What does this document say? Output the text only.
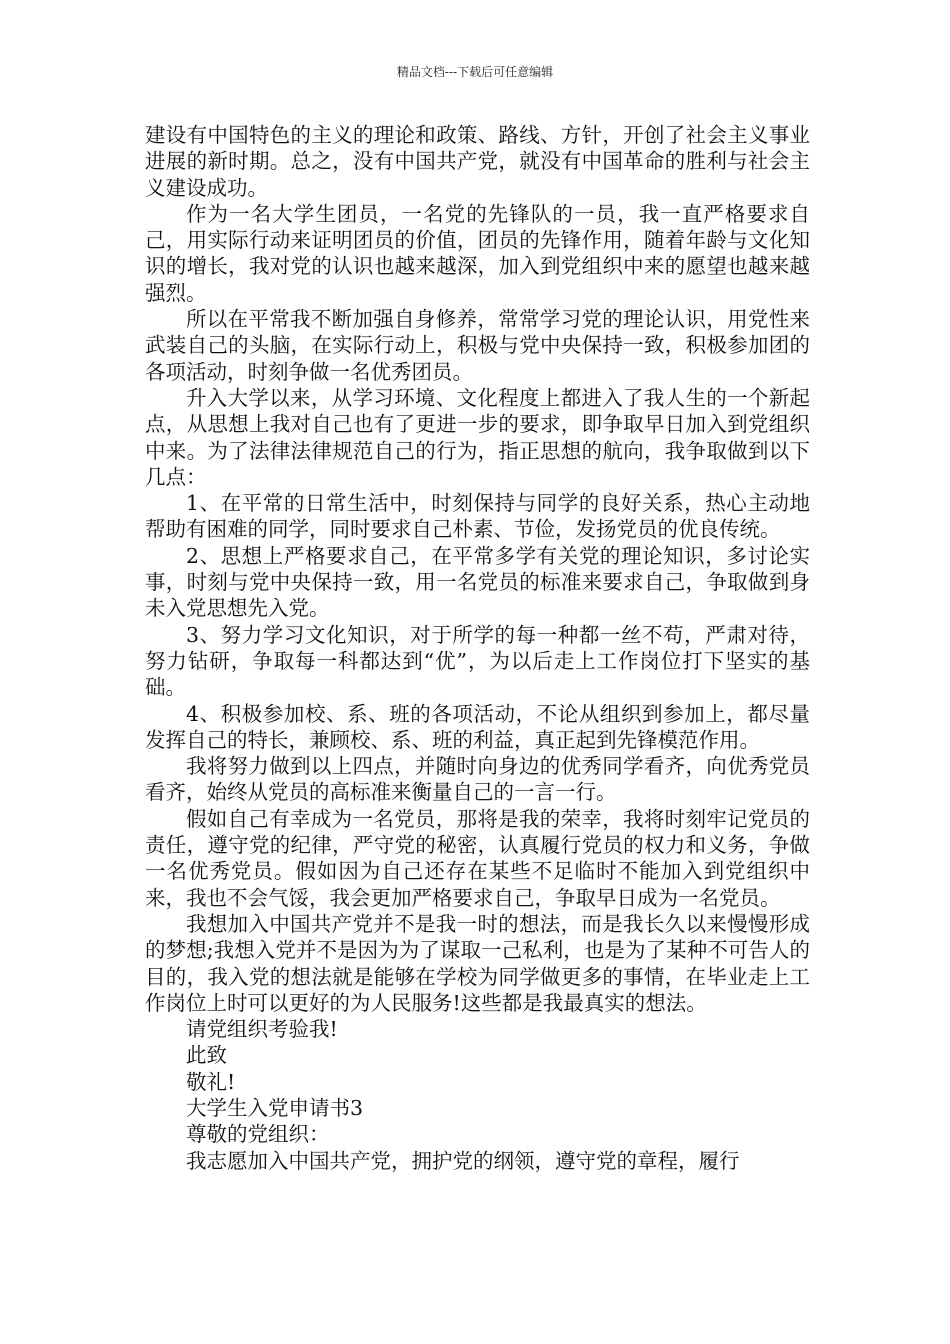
精品文档---下载后可任意编辑

建设有中国特色的主义的理论和政策、路线、方针，开创了社会主义事业进展的新时期。总之，没有中国共产党，就没有中国革命的胜利与社会主义建设成功。

作为一名大学生团员，一名党的先锋队的一员，我一直严格要求自己，用实际行动来证明团员的价值，团员的先锋作用，随着年龄与文化知识的增长，我对党的认识也越来越深，加入到党组织中来的愿望也越来越强烈。

所以在平常我不断加强自身修养，常常学习党的理论认识，用党性来武装自己的头脑，在实际行动上，积极与党中央保持一致，积极参加团的各项活动，时刻争做一名优秀团员。

升入大学以来，从学习环境、文化程度上都进入了我人生的一个新起点，从思想上我对自己也有了更进一步的要求，即争取早日加入到党组织中来。为了法律法律规范自己的行为，指正思想的航向，我争取做到以下几点：

1、在平常的日常生活中，时刻保持与同学的良好关系，热心主动地帮助有困难的同学，同时要求自己朴素、节俭，发扬党员的优良传统。

2、思想上严格要求自己，在平常多学有关党的理论知识，多讨论实事，时刻与党中央保持一致，用一名党员的标准来要求自己，争取做到身未入党思想先入党。

3、努力学习文化知识，对于所学的每一种都一丝不苟，严肃对待，努力钻研，争取每一科都达到“优”，为以后走上工作岗位打下坚实的基础。

4、积极参加校、系、班的各项活动，不论从组织到参加上，都尽量发挥自己的特长，兼顾校、系、班的利益，真正起到先锋模范作用。

我将努力做到以上四点，并随时向身边的优秀同学看齐，向优秀党员看齐，始终从党员的高标准来衡量自己的一言一行。

假如自己有幸成为一名党员，那将是我的荣幸，我将时刻牢记党员的责任，遵守党的纪律，严守党的秘密，认真履行党员的权力和义务，争做一名优秀党员。假如因为自己还存在某些不足临时不能加入到党组织中来，我也不会气馁，我会更加严格要求自己，争取早日成为一名党员。

我想加入中国共产党并不是我一时的想法，而是我长久以来慢慢形成的梦想;我想入党并不是因为为了谋取一己私利，也是为了某种不可告人的目的，我入党的想法就是能够在学校为同学做更多的事情，在毕业走上工作岗位上时可以更好的为人民服务!这些都是我最真实的想法。

请党组织考验我!

此致

敬礼!

大学生入党申请书3

尊敬的党组织：

我志愿加入中国共产党，拥护党的纲领，遵守党的章程，履行
